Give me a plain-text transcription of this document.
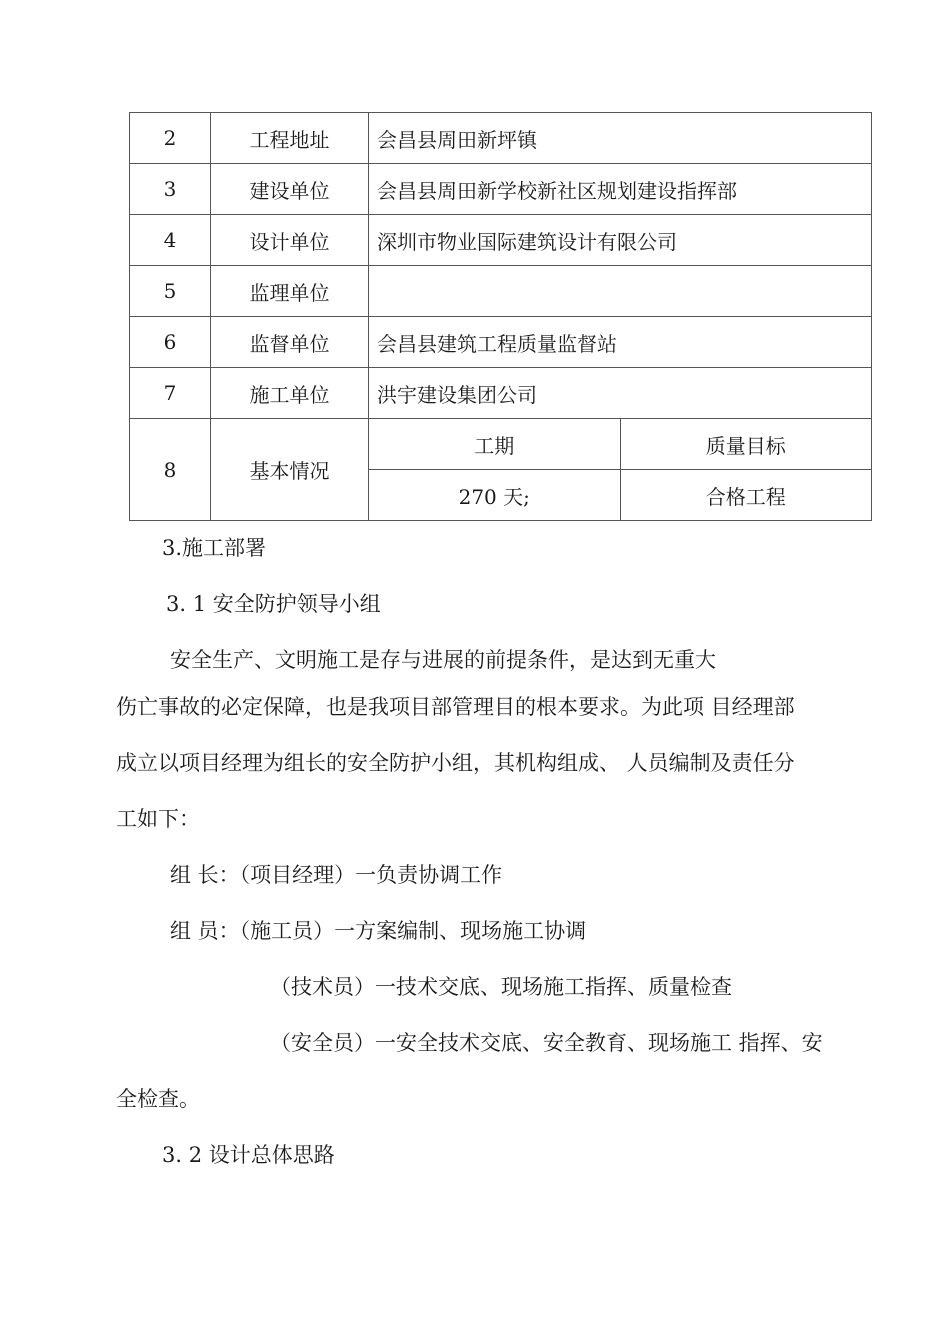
2	工程地址	会昌县周田新坪镇	
3	建设单位	会昌县周田新学校新社区规划建设指挥部	
4	设计单位	深圳市物业国际建筑设计有限公司	
5	监理单位		
6	监督单位	会昌县建筑工程质量监督站	
7	施工单位	洪宇建设集团公司	
8	基本情况	工期	质量目标
		270 天;	合格工程
3.施工部署
3. 1 安全防护领导小组
安全生产、文明施工是存与进展的前提条件，是达到无重大
伤亡事故的必定保障，也是我项目部管理目的根本要求。为此项 目经理部
成立以项目经理为组长的安全防护小组，其机构组成、 人员编制及责任分
工如下：
组 长：（项目经理）一负责协调工作
组 员：（施工员）一方案编制、现场施工协调
（技术员）一技术交底、现场施工指挥、质量检查
（安全员）一安全技术交底、安全教育、现场施工 指挥、安
全检查。
3. 2 设计总体思路
